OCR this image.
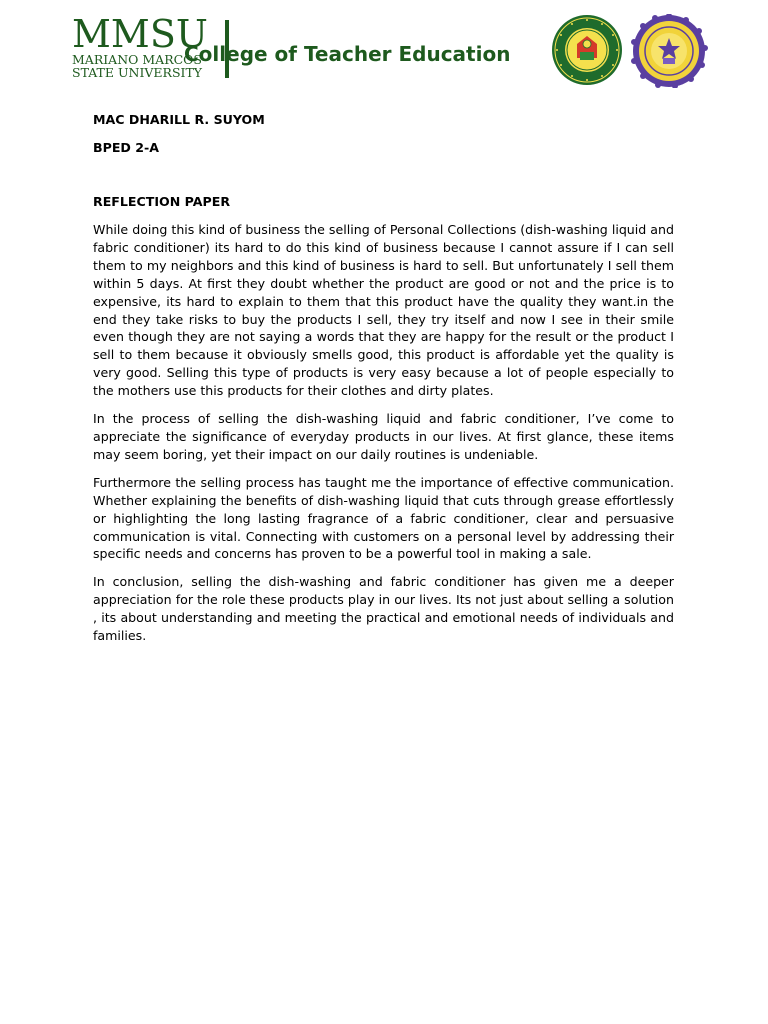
MMSU
MARIANO MARCOS
STATE UNIVERSITY
College of Teacher Education
MAC DHARILL R. SUYOM
BPED 2-A
REFLECTION PAPER

While doing this kind of business the selling of Personal Collections (dish-washing liquid and fabric conditioner) its hard to do this kind of business because I cannot assure if I can sell them to my neighbors and this kind of business is hard to sell. But unfortunately I sell them within 5 days. At first they doubt whether the product are good or not and the price is to expensive, its hard to explain to them that this product have the quality they want.in the end they take risks to buy the products I sell, they try itself and now I see in their smile even though they are not saying a words that they are happy for the result or the product I sell to them because it obviously smells good, this product is affordable yet the quality is very good. Selling this type of products is very easy because a lot of people especially to the mothers use this products for their clothes and dirty plates.

In the process of selling the dish-washing liquid and fabric conditioner, I’ve come to appreciate the significance of everyday products in our lives. At first glance, these items may seem boring, yet their impact on our daily routines is undeniable.

Furthermore the selling process has taught me the importance of effective communication. Whether explaining the benefits of dish-washing liquid that cuts through grease effortlessly or highlighting the long lasting fragrance of a fabric conditioner, clear and persuasive communication is vital. Connecting with customers on a personal level by addressing their specific needs and concerns has proven to be a powerful tool in making a sale.

In conclusion, selling the dish-washing and fabric conditioner has given me a deeper appreciation for the role these products play in our lives. Its not just about selling a solution , its about understanding and meeting the practical and emotional needs of individuals and families.
